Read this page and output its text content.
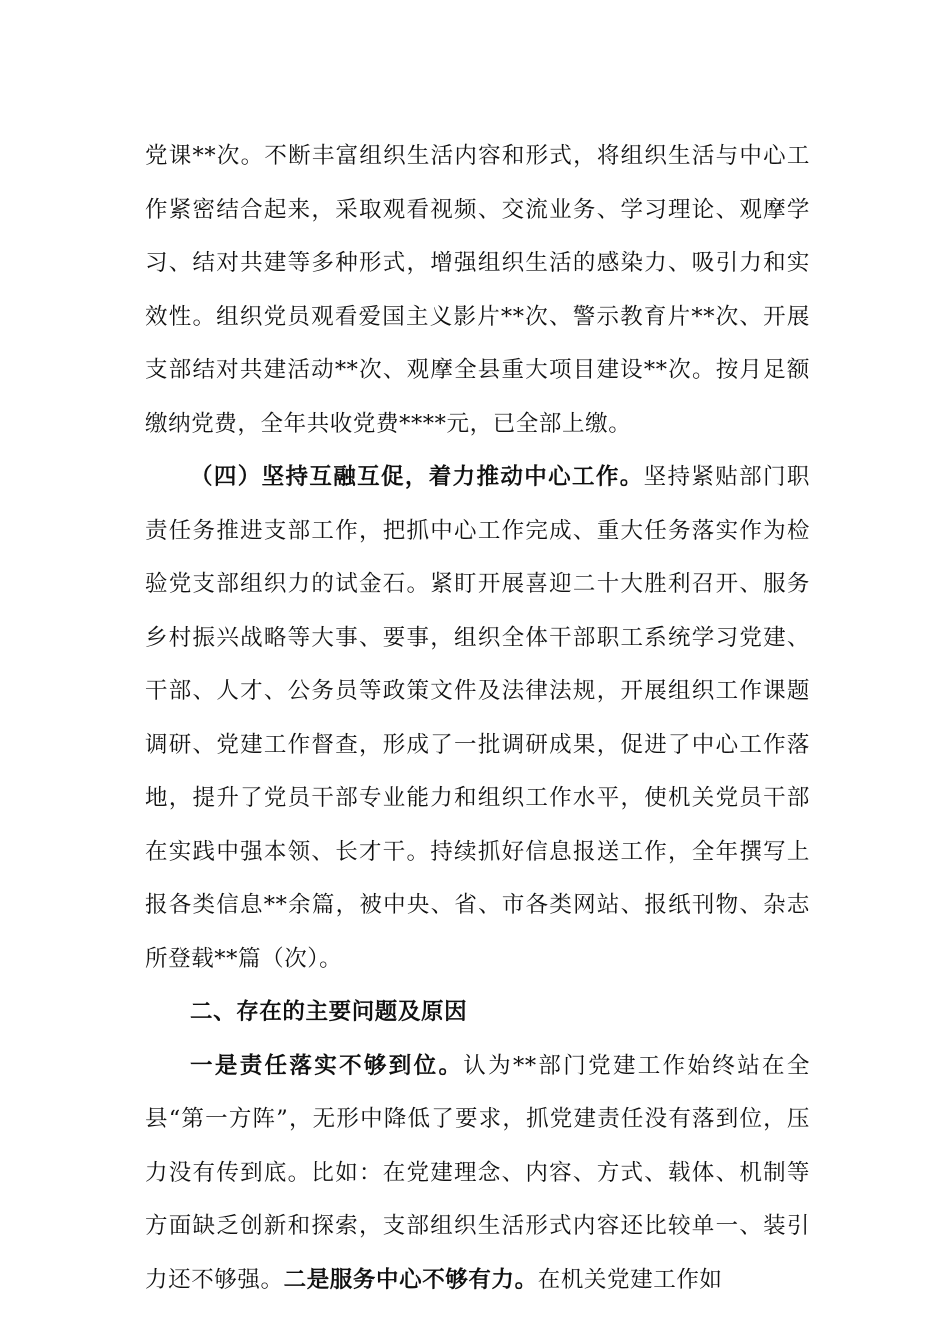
党课**次。不断丰富组织生活内容和形式，将组织生活与中心工作紧密结合起来，采取观看视频、交流业务、学习理论、观摩学习、结对共建等多种形式，增强组织生活的感染力、吸引力和实效性。组织党员观看爱国主义影片**次、警示教育片**次、开展支部结对共建活动**次、观摩全县重大项目建设**次。按月足额缴纳党费，全年共收党费****元，已全部上缴。

（四）坚持互融互促，着力推动中心工作。坚持紧贴部门职责任务推进支部工作，把抓中心工作完成、重大任务落实作为检验党支部组织力的试金石。紧盯开展喜迎二十大胜利召开、服务乡村振兴战略等大事、要事，组织全体干部职工系统学习党建、干部、人才、公务员等政策文件及法律法规，开展组织工作课题调研、党建工作督查，形成了一批调研成果，促进了中心工作落地，提升了党员干部专业能力和组织工作水平，使机关党员干部在实践中强本领、长才干。持续抓好信息报送工作，全年撰写上报各类信息**余篇，被中央、省、市各类网站、报纸刊物、杂志所登载**篇（次）。

二、存在的主要问题及原因

一是责任落实不够到位。认为**部门党建工作始终站在全县“第一方阵”，无形中降低了要求，抓党建责任没有落到位，压力没有传到底。比如：在党建理念、内容、方式、载体、机制等方面缺乏创新和探索，支部组织生活形式内容还比较单一、装引力还不够强。二是服务中心不够有力。在机关党建工作如
